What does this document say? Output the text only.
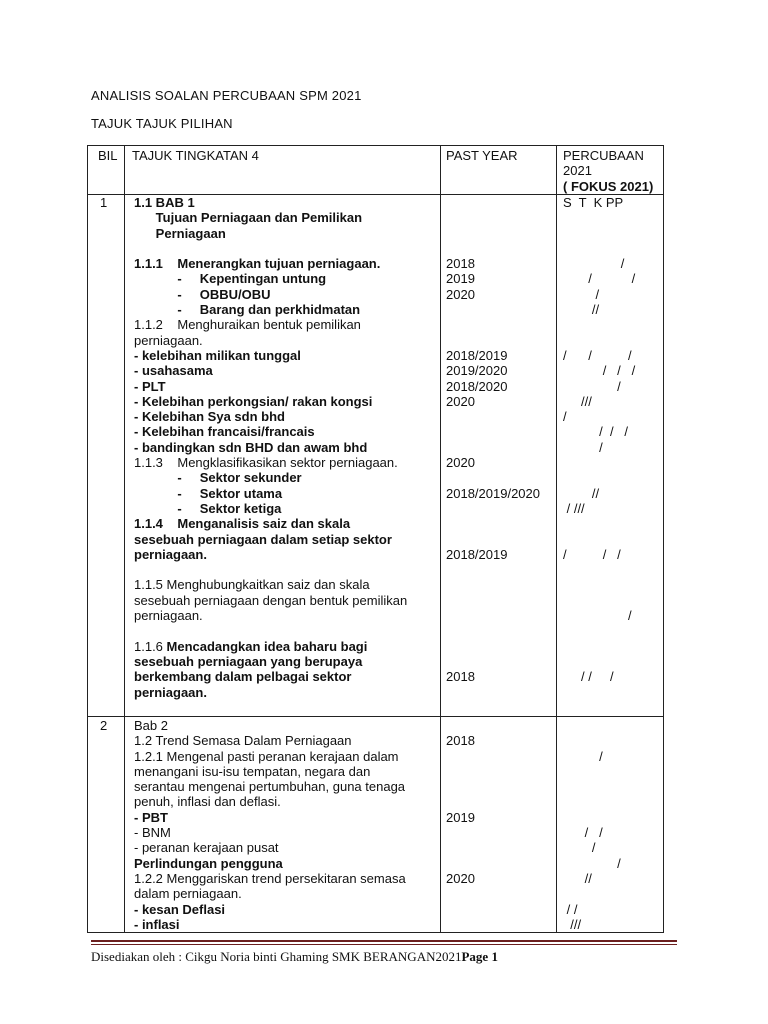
ANALISIS SOALAN PERCUBAAN SPM 2021
TAJUK TAJUK PILIHAN
BIL TAJUK TINGKATAN 4	PAST YEAR	PERCUBAAN
2021
( FOKUS 2021)
1 1.1 BAB 1
Tujuan Perniagaan dan Pemilikan
Perniagaan
1.1.1    Menerangkan tujuan perniagaan.
-     Kepentingan untung
-     OBBU/OBU
-     Barang dan perkhidmatan
1.1.2    Menghuraikan bentuk pemilikan
perniagaan.
- kelebihan milikan tunggal
- usahasama
- PLT
- Kelebihan perkongsian/ rakan kongsi
- Kelebihan Sya sdn bhd
- Kelebihan francaisi/francais
- bandingkan sdn BHD dan awam bhd
1.1.3    Mengklasifikasikan sektor perniagaan.
-     Sektor sekunder
-     Sektor utama
-     Sektor ketiga
1.1.4    Menganalisis saiz dan skala
sesebuah perniagaan dalam setiap sektor
perniagaan.
1.1.5 Menghubungkaitkan saiz dan skala
sesebuah perniagaan dengan bentuk pemilikan
perniagaan.
1.1.6 Mencadangkan idea baharu bagi
sesebuah perniagaan yang berupaya
berkembang dalam pelbagai sektor
perniagaan.
2018
2019
2020
2018/2019
2019/2020
2018/2020
2020
2020
2018/2019/2020
2018/2019
2018
S  T  K PP
/
/           /
/
//
/      /          /
/   /   /
/
///
/
/  /   /
/
//
/ ///
/          /   /
/
/ /     /
2 Bab 2
1.2 Trend Semasa Dalam Perniagaan
1.2.1 Mengenal pasti peranan kerajaan dalam
menangani isu-isu tempatan, negara dan
serantau mengenai pertumbuhan, guna tenaga
penuh, inflasi dan deflasi.
- PBT
- BNM
- peranan kerajaan pusat
Perlindungan pengguna
1.2.2 Menggariskan trend persekitaran semasa
dalam perniagaan.
- kesan Deflasi
- inflasi
2018
2019
2020
/
/   /
/
/
//
/ /
///
Disediakan oleh : Cikgu Noria binti Ghaming SMK BERANGAN2021Page 1
